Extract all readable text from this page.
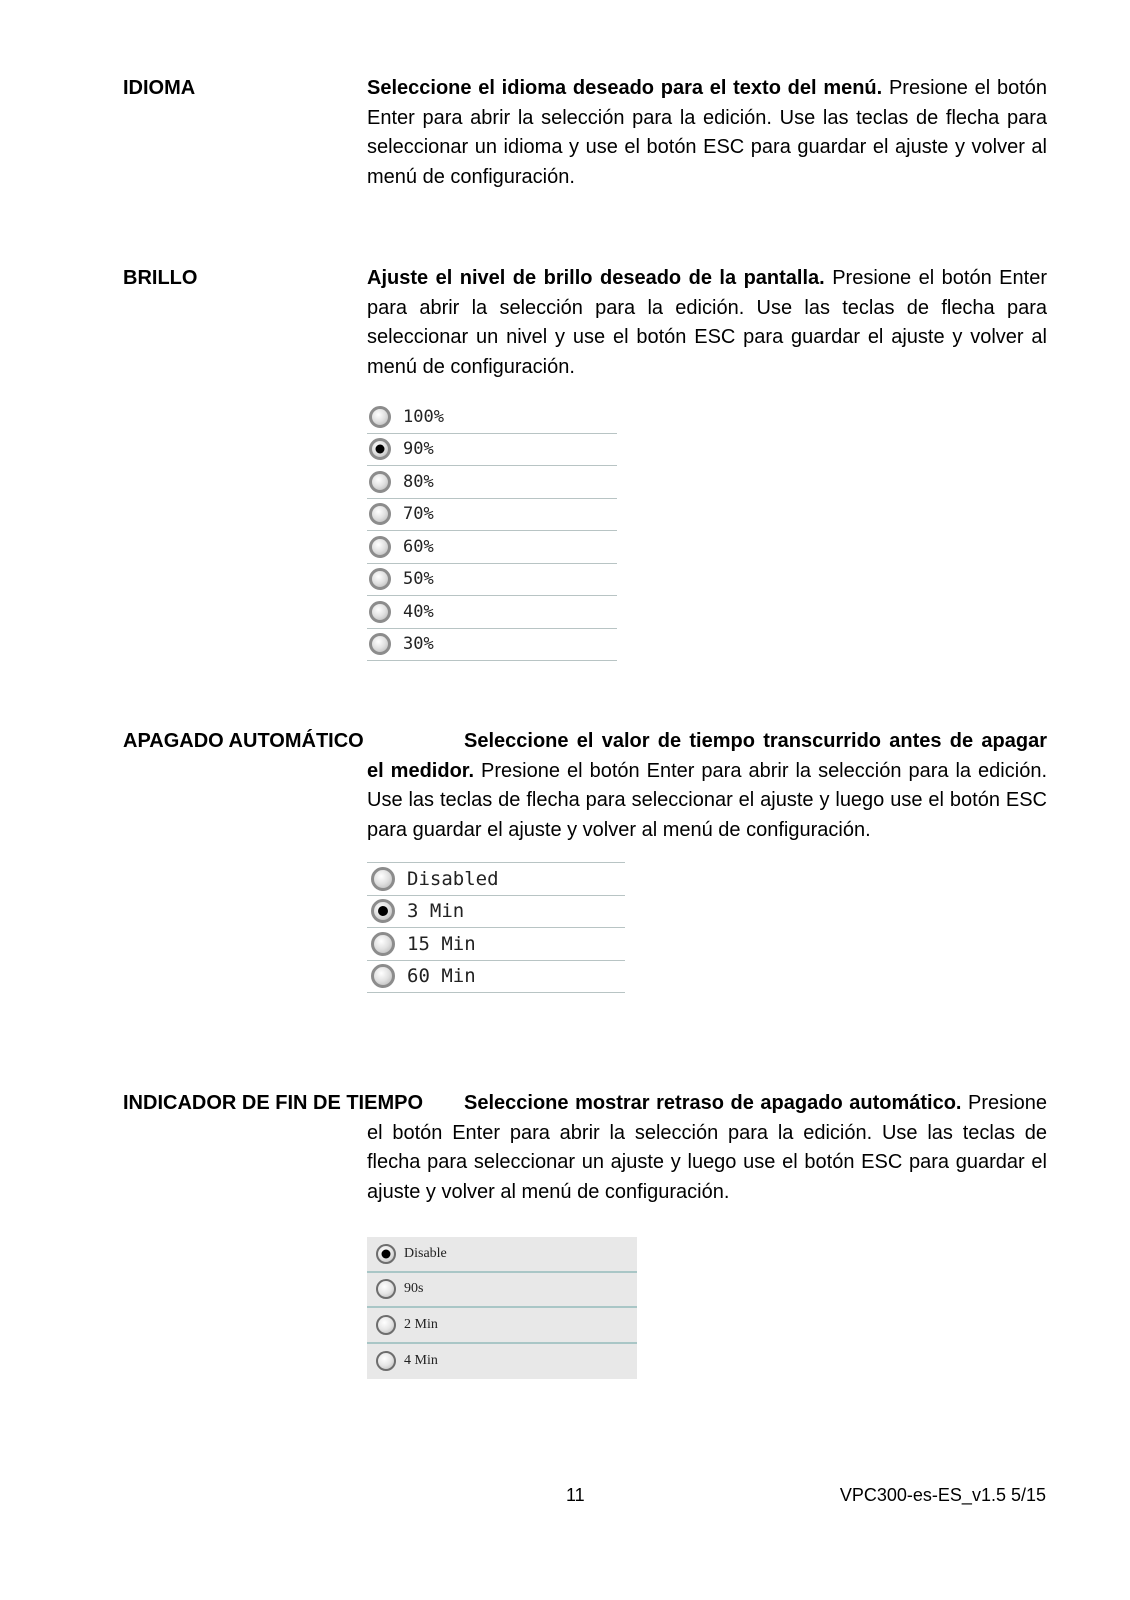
IDIOMA	Seleccione el idioma deseado para el texto del menú. Presione el botón Enter para abrir la selección para la edición. Use las teclas de flecha para seleccionar un idioma y use el botón ESC para guardar el ajuste y volver al menú de configuración.

BRILLO	Ajuste el nivel de brillo deseado de la pantalla. Presione el botón Enter para abrir la selección para la edición. Use las teclas de flecha para seleccionar un nivel y use el botón ESC para guardar el ajuste y volver al menú de configuración.

100%
90%
80%
70%
60%
50%
40%
30%

APAGADO AUTOMÁTICO	Seleccione el valor de tiempo transcurrido antes de apagar el medidor. Presione el botón Enter para abrir la selección para la edición. Use las teclas de flecha para seleccionar el ajuste y luego use el botón ESC para guardar el ajuste y volver al menú de configuración.

Disabled
3 Min
15 Min
60 Min

INDICADOR DE FIN DE TIEMPO	Seleccione mostrar retraso de apagado automático. Presione el botón Enter para abrir la selección para la edición. Use las teclas de flecha para seleccionar un ajuste y luego use el botón ESC para guardar el ajuste y volver al menú de configuración.

Disable
90s
2 Min
4 Min
11	VPC300-es-ES_v1.5 5/15
